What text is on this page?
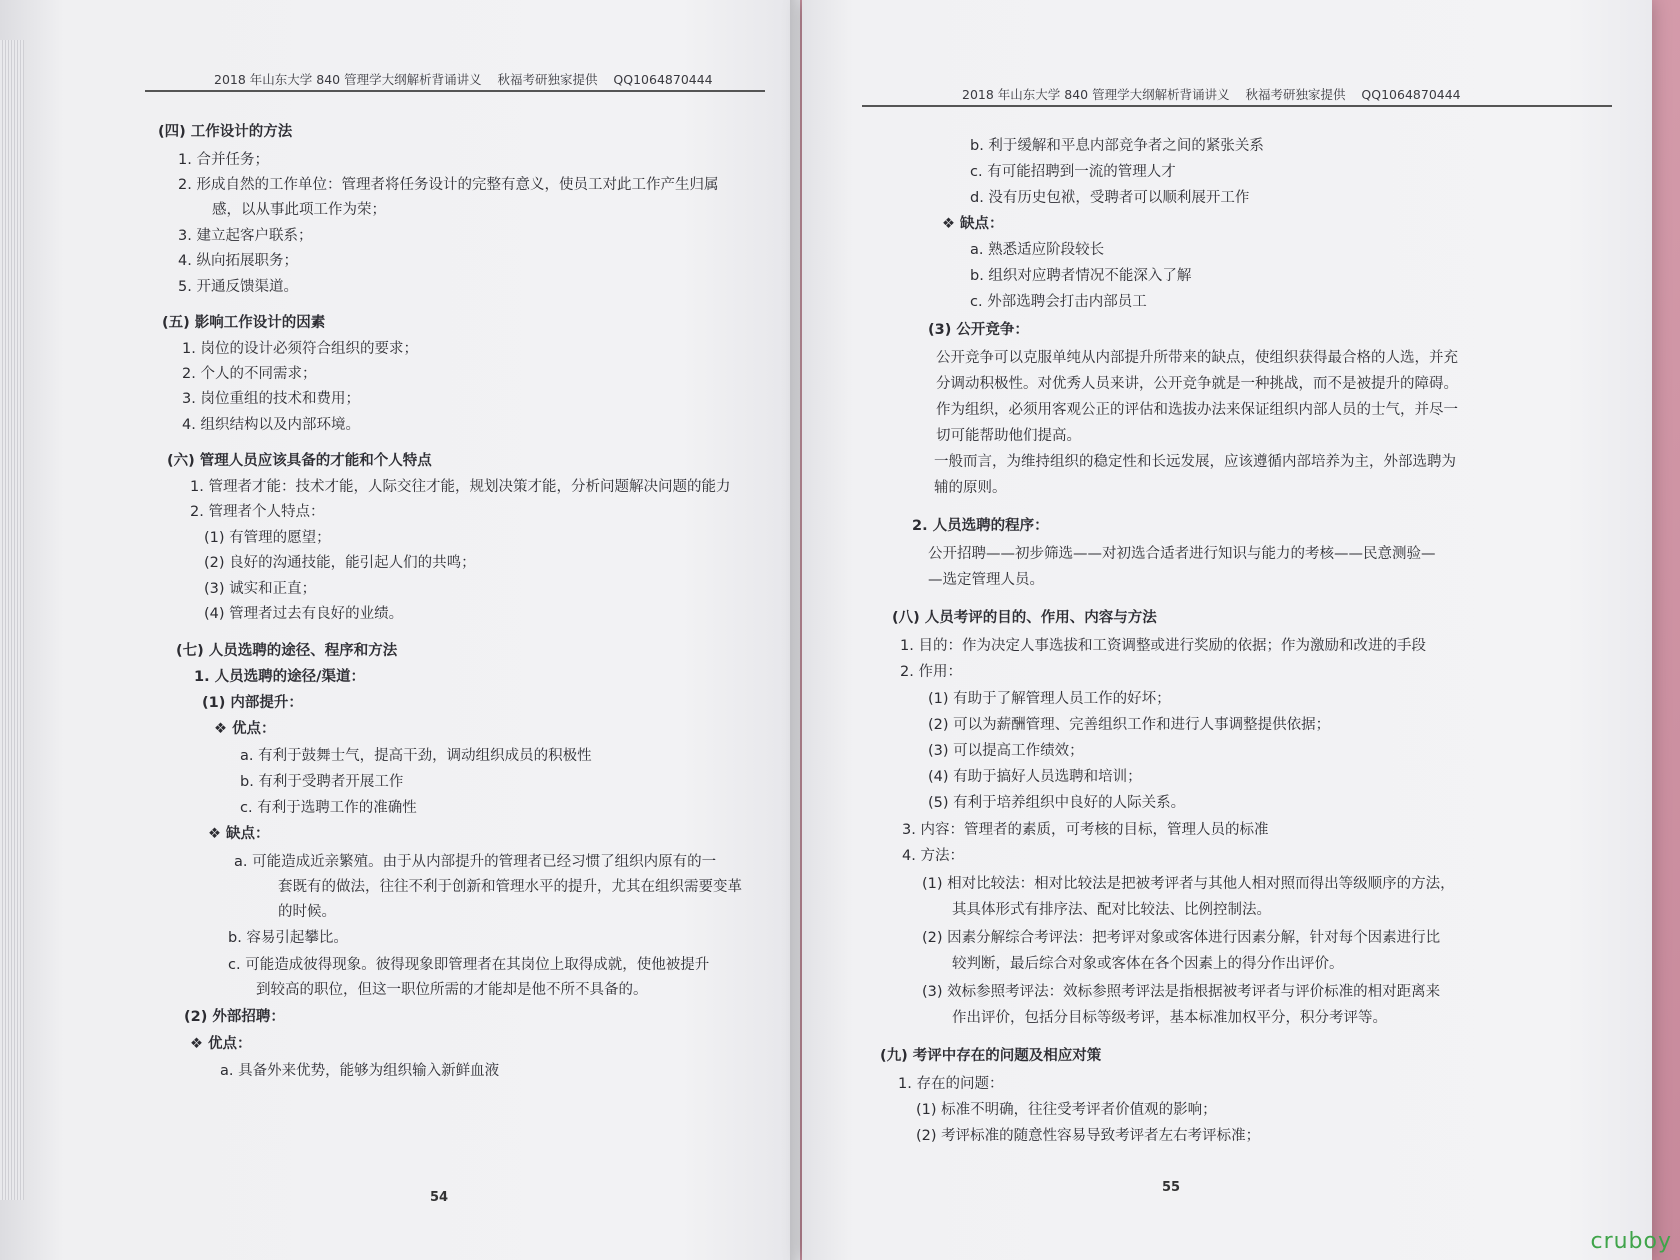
2018 年山东大学 840 管理学大纲解析背诵讲义 秋福考研独家提供 QQ1064870444
(四) 工作设计的方法
1. 合并任务；
2. 形成自然的工作单位：管理者将任务设计的完整有意义，使员工对此工作产生归属
感，以从事此项工作为荣；
3. 建立起客户联系；
4. 纵向拓展职务；
5. 开通反馈渠道。
(五) 影响工作设计的因素
1. 岗位的设计必须符合组织的要求；
2. 个人的不同需求；
3. 岗位重组的技术和费用；
4. 组织结构以及内部环境。
(六) 管理人员应该具备的才能和个人特点
1. 管理者才能：技术才能，人际交往才能，规划决策才能，分析问题解决问题的能力
2. 管理者个人特点：
(1) 有管理的愿望；
(2) 良好的沟通技能，能引起人们的共鸣；
(3) 诚实和正直；
(4) 管理者过去有良好的业绩。
(七) 人员选聘的途径、程序和方法
1. 人员选聘的途径/渠道：
(1) 内部提升：
❖ 优点：
a. 有利于鼓舞士气，提高干劲，调动组织成员的积极性
b. 有利于受聘者开展工作
c. 有利于选聘工作的准确性
❖ 缺点：
a. 可能造成近亲繁殖。由于从内部提升的管理者已经习惯了组织内原有的一
套既有的做法，往往不利于创新和管理水平的提升，尤其在组织需要变革
的时候。
b. 容易引起攀比。
c. 可能造成彼得现象。彼得现象即管理者在其岗位上取得成就，使他被提升
到较高的职位，但这一职位所需的才能却是他不所不具备的。
(2) 外部招聘：
❖ 优点：
a. 具备外来优势，能够为组织输入新鲜血液
54
2018 年山东大学 840 管理学大纲解析背诵讲义 秋福考研独家提供 QQ1064870444
b. 利于缓解和平息内部竞争者之间的紧张关系
c. 有可能招聘到一流的管理人才
d. 没有历史包袱，受聘者可以顺利展开工作
❖ 缺点：
a. 熟悉适应阶段较长
b. 组织对应聘者情况不能深入了解
c. 外部选聘会打击内部员工
(3) 公开竞争：
公开竞争可以克服单纯从内部提升所带来的缺点，使组织获得最合格的人选，并充
分调动积极性。对优秀人员来讲，公开竞争就是一种挑战，而不是被提升的障碍。
作为组织，必须用客观公正的评估和选拔办法来保证组织内部人员的士气，并尽一
切可能帮助他们提高。
一般而言，为维持组织的稳定性和长远发展，应该遵循内部培养为主，外部选聘为
辅的原则。
2. 人员选聘的程序：
公开招聘——初步筛选——对初选合适者进行知识与能力的考核——民意测验—
—选定管理人员。
(八) 人员考评的目的、作用、内容与方法
1. 目的：作为决定人事选拔和工资调整或进行奖励的依据；作为激励和改进的手段
2. 作用：
(1) 有助于了解管理人员工作的好坏；
(2) 可以为薪酬管理、完善组织工作和进行人事调整提供依据；
(3) 可以提高工作绩效；
(4) 有助于搞好人员选聘和培训；
(5) 有利于培养组织中良好的人际关系。
3. 内容：管理者的素质，可考核的目标，管理人员的标准
4. 方法：
(1) 相对比较法：相对比较法是把被考评者与其他人相对照而得出等级顺序的方法，
其具体形式有排序法、配对比较法、比例控制法。
(2) 因素分解综合考评法：把考评对象或客体进行因素分解，针对每个因素进行比
较判断，最后综合对象或客体在各个因素上的得分作出评价。
(3) 效标参照考评法：效标参照考评法是指根据被考评者与评价标准的相对距离来
作出评价，包括分目标等级考评，基本标准加权平分，积分考评等。
(九) 考评中存在的问题及相应对策
1. 存在的问题：
(1) 标准不明确，往往受考评者价值观的影响；
(2) 考评标准的随意性容易导致考评者左右考评标准；
55
cruboy
